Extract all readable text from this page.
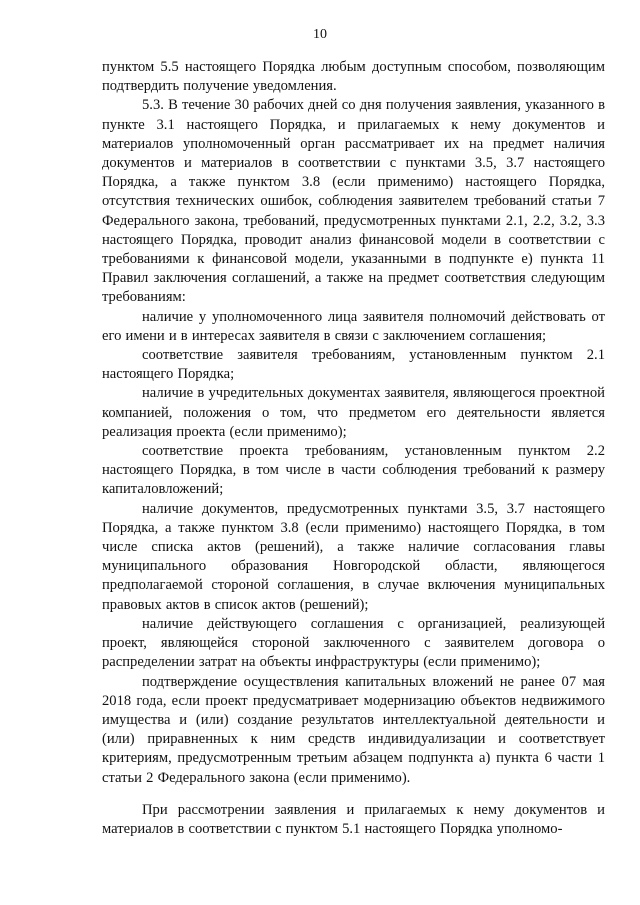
10

пунктом 5.5 настоящего Порядка любым доступным способом, позволяющим подтвердить получение уведомления.

5.3. В течение 30 рабочих дней со дня получения заявления, указанного в пункте 3.1 настоящего Порядка, и прилагаемых к нему документов и материалов уполномоченный орган рассматривает их на предмет наличия документов и материалов в соответствии с пунктами 3.5, 3.7 настоящего Порядка, а также пунктом 3.8 (если применимо) настоящего Порядка, отсутствия технических ошибок, соблюдения заявителем требований статьи 7 Федерального закона, требований, предусмотренных пунктами 2.1, 2.2, 3.2, 3.3 настоящего Порядка, проводит анализ финансовой модели в соответствии с требованиями к финансовой модели, указанными в подпункте е) пункта 11 Правил заключения соглашений, а также на предмет соответствия следующим требованиям:

наличие у уполномоченного лица заявителя полномочий действовать от его имени и в интересах заявителя в связи с заключением соглашения;

соответствие заявителя требованиям, установленным пунктом 2.1 настоящего Порядка;

наличие в учредительных документах заявителя, являющегося проектной компанией, положения о том, что предметом его деятельности является реализация проекта (если применимо);

соответствие проекта требованиям, установленным пунктом 2.2 настоящего Порядка, в том числе в части соблюдения требований к размеру капиталовложений;

наличие документов, предусмотренных пунктами 3.5, 3.7 настоящего Порядка, а также пунктом 3.8 (если применимо) настоящего Порядка, в том числе списка актов (решений), а также наличие согласования главы муниципального образования Новгородской области, являющегося предполагаемой стороной соглашения, в случае включения муниципальных правовых актов в список актов (решений);

наличие действующего соглашения с организацией, реализующей проект, являющейся стороной заключенного с заявителем договора о распределении затрат на объекты инфраструктуры (если применимо);

подтверждение осуществления капитальных вложений не ранее 07 мая 2018 года, если проект предусматривает модернизацию объектов недвижимого имущества и (или) создание результатов интеллектуальной деятельности и (или) приравненных к ним средств индивидуализации и соответствует критериям, предусмотренным третьим абзацем подпункта а) пункта 6 части 1 статьи 2 Федерального закона (если применимо).

При рассмотрении заявления и прилагаемых к нему документов и материалов в соответствии с пунктом 5.1 настоящего Порядка уполномо-
